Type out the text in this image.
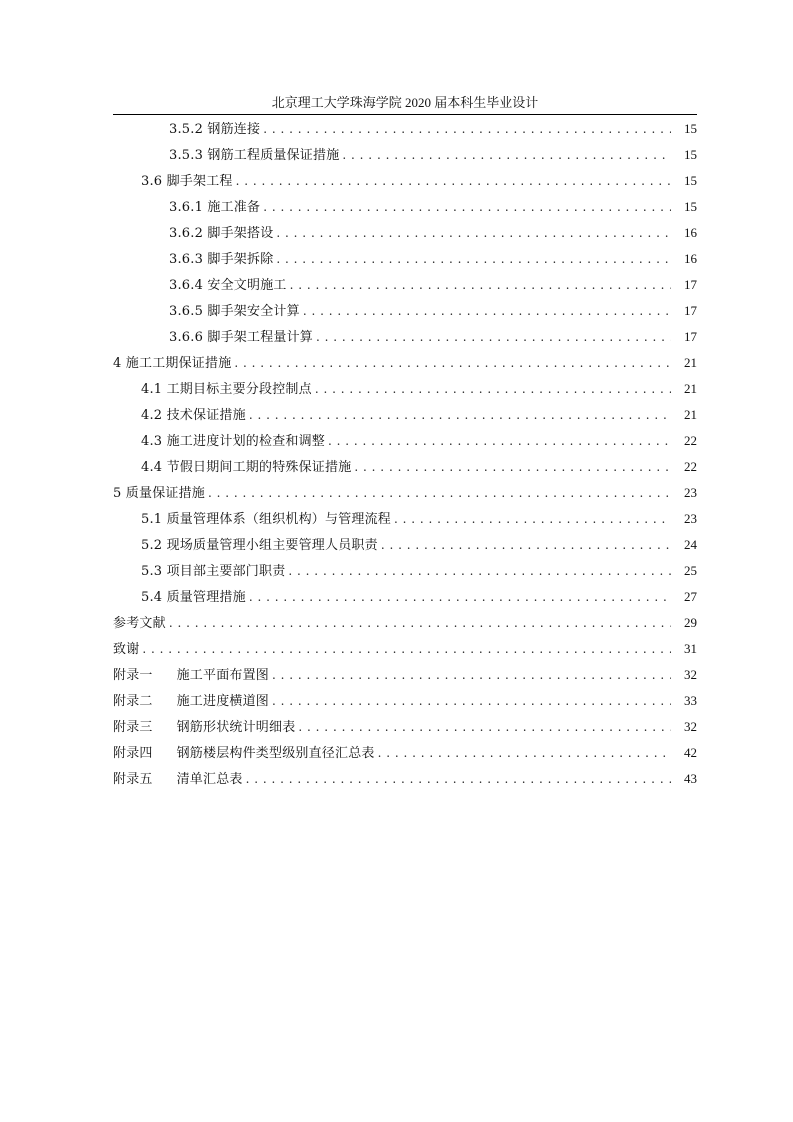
北京理工大学珠海学院 2020 届本科生毕业设计
3.5.2 钢筋连接 . . .	15
3.5.3 钢筋工程质量保证措施 . . .	15
3.6 脚手架工程 . . .	15
3.6.1 施工准备 . . .	15
3.6.2 脚手架搭设 . . .	16
3.6.3 脚手架拆除 . . .	16
3.6.4 安全文明施工 . . .	17
3.6.5 脚手架安全计算 . . .	17
3.6.6 脚手架工程量计算 . . .	17
4 施工工期保证措施 . . .	21
4.1 工期目标主要分段控制点 . . .	21
4.2 技术保证措施 . . .	21
4.3 施工进度计划的检查和调整 . . .	22
4.4 节假日期间工期的特殊保证措施 . . .	22
5 质量保证措施 . . .	23
5.1 质量管理体系（组织机构）与管理流程 . . .	23
5.2 现场质量管理小组主要管理人员职责 . . .	24
5.3 项目部主要部门职责 . . .	25
5.4 质量管理措施 . . .	27
参考文献 . . .	29
致谢 . . .	31
附录一 施工平面布置图 . . .	32
附录二 施工进度横道图 . . .	33
附录三 钢筋形状统计明细表 . . .	32
附录四 钢筋楼层构件类型级别直径汇总表 . . .	42
附录五 清单汇总表 . . .	43
